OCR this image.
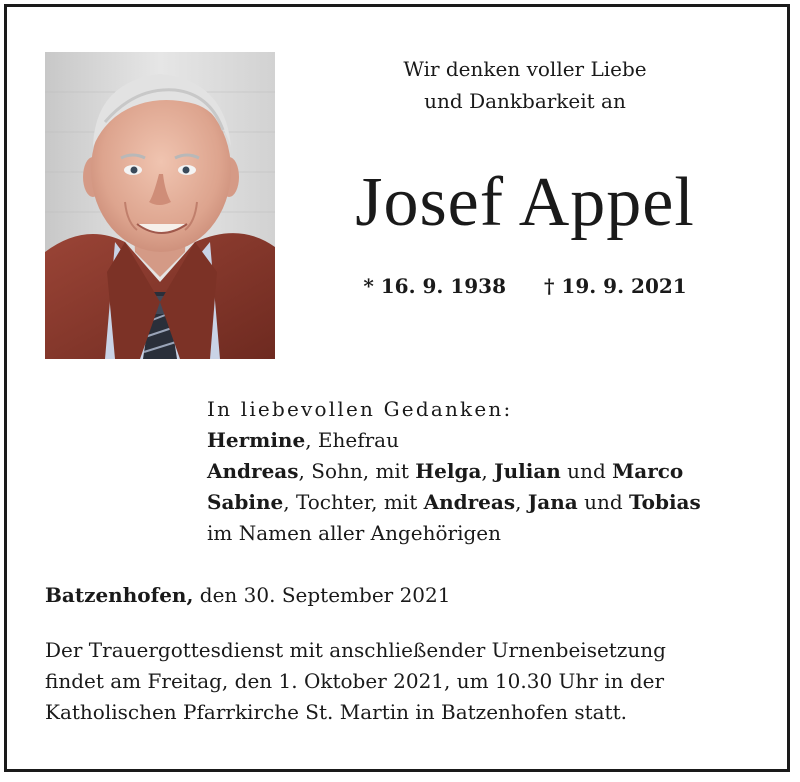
Wir denken voller Liebe
und Dankbarkeit an
Josef Appel
* 16. 9. 1938 † 19. 9. 2021
In liebevollen Gedanken:
Hermine, Ehefrau
Andreas, Sohn, mit Helga, Julian und Marco
Sabine, Tochter, mit Andreas, Jana und Tobias
im Namen aller Angehörigen
Batzenhofen, den 30. September 2021
Der Trauergottesdienst mit anschließender Urnenbeisetzung
findet am Freitag, den 1. Oktober 2021, um 10.30 Uhr in der
Katholischen Pfarrkirche St. Martin in Batzenhofen statt.
